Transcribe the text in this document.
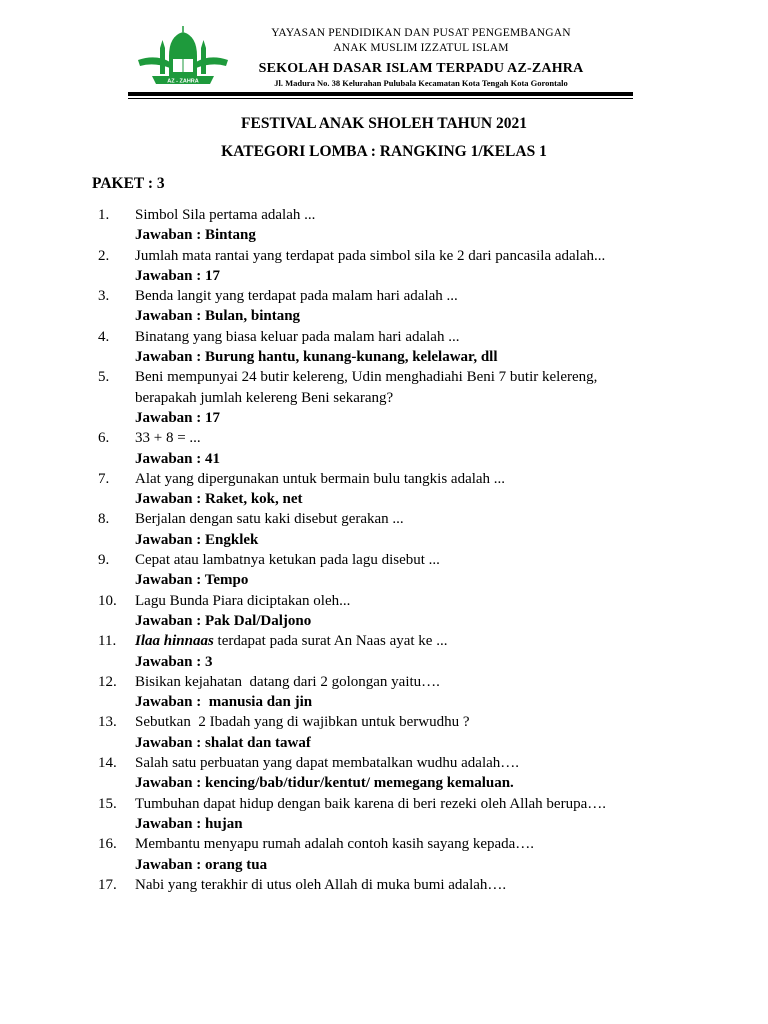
AZ - ZAHRA
YAYASAN PENDIDIKAN DAN PUSAT PENGEMBANGAN
ANAK MUSLIM IZZATUL ISLAM
SEKOLAH DASAR ISLAM TERPADU AZ-ZAHRA
Jl. Madura No. 38 Kelurahan Pulubala Kecamatan Kota Tengah Kota Gorontalo
FESTIVAL ANAK SHOLEH TAHUN 2021
KATEGORI LOMBA : RANGKING 1/KELAS 1
PAKET : 3
1.	Simbol Sila pertama adalah ...
Jawaban : Bintang
2.	Jumlah mata rantai yang terdapat pada simbol sila ke 2 dari pancasila adalah...
Jawaban : 17
3.	Benda langit yang terdapat pada malam hari adalah ...
Jawaban : Bulan, bintang
4.	Binatang yang biasa keluar pada malam hari adalah ...
Jawaban : Burung hantu, kunang-kunang, kelelawar, dll
5.	Beni mempunyai 24 butir kelereng, Udin menghadiahi Beni 7 butir kelereng, berapakah jumlah kelereng Beni sekarang?
Jawaban : 17
6.	33 + 8 = ...
Jawaban : 41
7.	Alat yang dipergunakan untuk bermain bulu tangkis adalah ...
Jawaban : Raket, kok, net
8.	Berjalan dengan satu kaki disebut gerakan ...
Jawaban : Engklek
9.	Cepat atau lambatnya ketukan pada lagu disebut ...
Jawaban : Tempo
10.	Lagu Bunda Piara diciptakan oleh...
Jawaban : Pak Dal/Daljono
11.	Ilaa hinnaas terdapat pada surat An Naas ayat ke ...
Jawaban : 3
12.	Bisikan kejahatan  datang dari 2 golongan yaitu….
Jawaban :  manusia dan jin
13.	Sebutkan  2 Ibadah yang di wajibkan untuk berwudhu ?
Jawaban : shalat dan tawaf
14.	Salah satu perbuatan yang dapat membatalkan wudhu adalah….
Jawaban : kencing/bab/tidur/kentut/ memegang kemaluan.
15.	Tumbuhan dapat hidup dengan baik karena di beri rezeki oleh Allah berupa….
Jawaban : hujan
16.	Membantu menyapu rumah adalah contoh kasih sayang kepada….
Jawaban : orang tua
17.	Nabi yang terakhir di utus oleh Allah di muka bumi adalah….
